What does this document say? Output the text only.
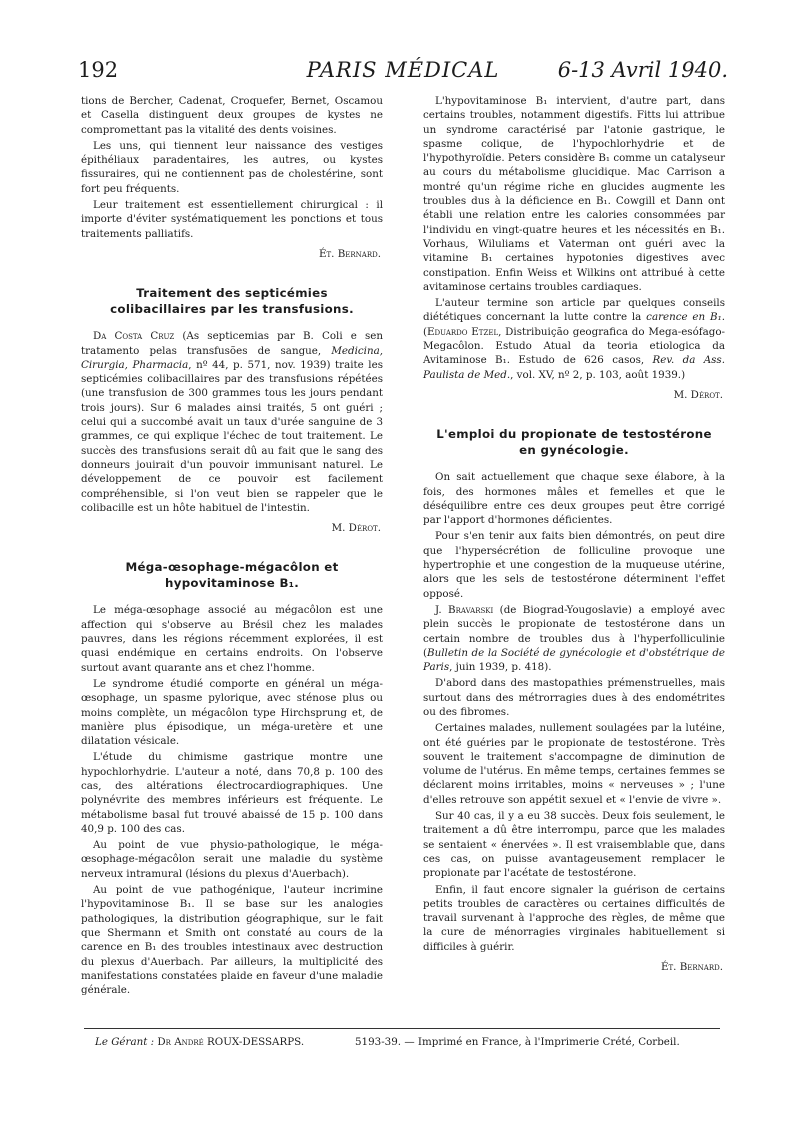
192	PARIS MÉDICAL	6-13 Avril 1940.

tions de Bercher, Cadenat, Croquefer, Bernet, Oscamou et Casella distinguent deux groupes de kystes ne compromettant pas la vitalité des dents voisines.

Les uns, qui tiennent leur naissance des vestiges épithéliaux paradentaires, les autres, ou kystes fissuraires, qui ne contiennent pas de cholestérine, sont fort peu fréquents.

Leur traitement est essentiellement chirurgical : il importe d'éviter systématiquement les ponctions et tous traitements palliatifs.

Ét. Bernard.
Traitement des septicémies colibacillaires par les transfusions.

Da Costa Cruz (As septicemias par B. Coli e sen tratamento pelas transfusões de sangue, Medicina, Cirurgia, Pharmacia, nº 44, p. 571, nov. 1939) traite les septicémies colibacillaires par des transfusions répétées (une transfusion de 300 grammes tous les jours pendant trois jours). Sur 6 malades ainsi traités, 5 ont guéri ; celui qui a succombé avait un taux d'urée sanguine de 3 grammes, ce qui explique l'échec de tout traitement. Le succès des transfusions serait dû au fait que le sang des donneurs jouirait d'un pouvoir immunisant naturel. Le développement de ce pouvoir est facilement compréhensible, si l'on veut bien se rappeler que le colibacille est un hôte habituel de l'intestin.

M. Dérot.
Méga-œsophage-mégacôlon et hypovitaminose B₁.

Le méga-œsophage associé au mégacôlon est une affection qui s'observe au Brésil chez les malades pauvres, dans les régions récemment explorées, il est quasi endémique en certains endroits. On l'observe surtout avant quarante ans et chez l'homme.

Le syndrome étudié comporte en général un méga-œsophage, un spasme pylorique, avec sténose plus ou moins complète, un mégacôlon type Hirchsprung et, de manière plus épisodique, un méga-uretère et une dilatation vésicale.

L'étude du chimisme gastrique montre une hypochlorhydrie. L'auteur a noté, dans 70,8 p. 100 des cas, des altérations électrocardiographiques. Une polynévrite des membres inférieurs est fréquente. Le métabolisme basal fut trouvé abaissé de 15 p. 100 dans 40,9 p. 100 des cas.

Au point de vue physio-pathologique, le méga-œsophage-mégacôlon serait une maladie du système nerveux intramural (lésions du plexus d'Auerbach).

Au point de vue pathogénique, l'auteur incrimine l'hypovitaminose B₁. Il se base sur les analogies pathologiques, la distribution géographique, sur le fait que Shermann et Smith ont constaté au cours de la carence en B₁ des troubles intestinaux avec destruction du plexus d'Auerbach. Par ailleurs, la multiplicité des manifestations constatées plaide en faveur d'une maladie générale.

L'hypovitaminose B₁ intervient, d'autre part, dans certains troubles, notamment digestifs. Fitts lui attribue un syndrome caractérisé par l'atonie gastrique, le spasme colique, de l'hypochlorhydrie et de l'hypothyroïdie. Peters considère B₁ comme un catalyseur au cours du métabolisme glucidique. Mac Carrison a montré qu'un régime riche en glucides augmente les troubles dus à la déficience en B₁. Cowgill et Dann ont établi une relation entre les calories consommées par l'individu en vingt-quatre heures et les nécessités en B₁. Vorhaus, Wiluliams et Vaterman ont guéri avec la vitamine B₁ certaines hypotonies digestives avec constipation. Enfin Weiss et Wilkins ont attribué à cette avitaminose certains troubles cardiaques.

L'auteur termine son article par quelques conseils diététiques concernant la lutte contre la carence en B₁. (Eduardo Etzel, Distribuição geografica do Mega-esófago-Megacôlon. Estudo Atual da teoria etiologica da Avitaminose B₁. Estudo de 626 casos, Rev. da Ass. Paulista de Med., vol. XV, nº 2, p. 103, août 1939.)

M. Dérot.
L'emploi du propionate de testostérone en gynécologie.

On sait actuellement que chaque sexe élabore, à la fois, des hormones mâles et femelles et que le déséquilibre entre ces deux groupes peut être corrigé par l'apport d'hormones déficientes.

Pour s'en tenir aux faits bien démontrés, on peut dire que l'hypersécrétion de folliculine provoque une hypertrophie et une congestion de la muqueuse utérine, alors que les sels de testostérone déterminent l'effet opposé.

J. Bravarski (de Biograd-Yougoslavie) a employé avec plein succès le propionate de testostérone dans un certain nombre de troubles dus à l'hyperfolliculinie (Bulletin de la Société de gynécologie et d'obstétrique de Paris, juin 1939, p. 418).

D'abord dans des mastopathies prémenstruelles, mais surtout dans des métrorragies dues à des endométrites ou des fibromes.

Certaines malades, nullement soulagées par la lutéine, ont été guéries par le propionate de testostérone. Très souvent le traitement s'accompagne de diminution de volume de l'utérus. En même temps, certaines femmes se déclarent moins irritables, moins « nerveuses » ; l'une d'elles retrouve son appétit sexuel et « l'envie de vivre ».

Sur 40 cas, il y a eu 38 succès. Deux fois seulement, le traitement a dû être interrompu, parce que les malades se sentaient « énervées ». Il est vraisemblable que, dans ces cas, on puisse avantageusement remplacer le propionate par l'acétate de testostérone.

Enfin, il faut encore signaler la guérison de certains petits troubles de caractères ou certaines difficultés de travail survenant à l'approche des règles, de même que la cure de ménorragies virginales habituellement si difficiles à guérir.

Ét. Bernard.
Le Gérant : Dr André ROUX-DESSARPS.	5193-39. — Imprimé en France, à l'Imprimerie Crété, Corbeil.
